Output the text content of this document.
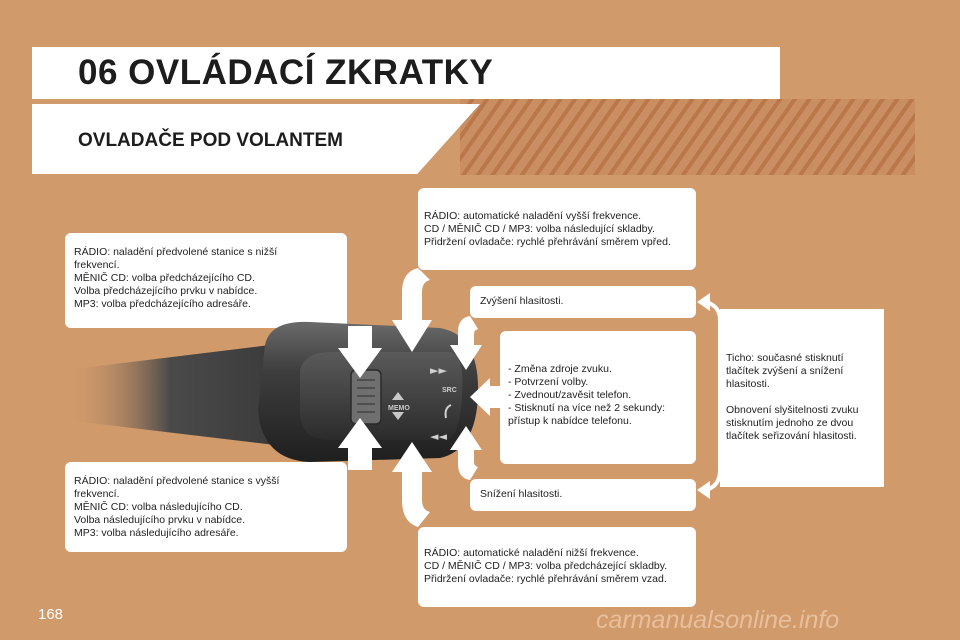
06 OVLÁDACÍ ZKRATKY
OVLADAČE POD VOLANTEM

RÁDIO: naladění předvolené stanice s nižší frekvencí.

MĚNIČ CD: volba předcházejícího CD.

Volba předcházejícího prvku v nabídce.

MP3: volba předcházejícího adresáře.

RÁDIO: naladění předvolené stanice s vyšší frekvencí.

MĚNIČ CD: volba následujícího CD.

Volba následujícího prvku v nabídce.

MP3: volba následujícího adresáře.

RÁDIO: automatické naladění vyšší frekvence.

CD / MĚNIČ CD / MP3: volba následující skladby.

Přidržení ovladače: rychlé přehrávání směrem vpřed.

RÁDIO: automatické naladění nižší frekvence.

CD / MĚNIČ CD / MP3: volba předcházející skladby.

Přidržení ovladače: rychlé přehrávání směrem vzad.

Zvýšení hlasitosti.

Snížení hlasitosti.

- Změna zdroje zvuku.
- Potvrzení volby.
- Zvednout/zavěsit telefon.
- Stisknutí na více než 2 sekundy:
přístup k nabídce telefonu.

Ticho: současné stisknutí tlačítek zvýšení a snížení hlasitosti.

Obnovení slyšitelnosti zvuku stisknutím jednoho ze dvou tlačítek seřizování hlasitosti.

MEMO
►►
◄◄
SRC
168	carmanualsonline.info
